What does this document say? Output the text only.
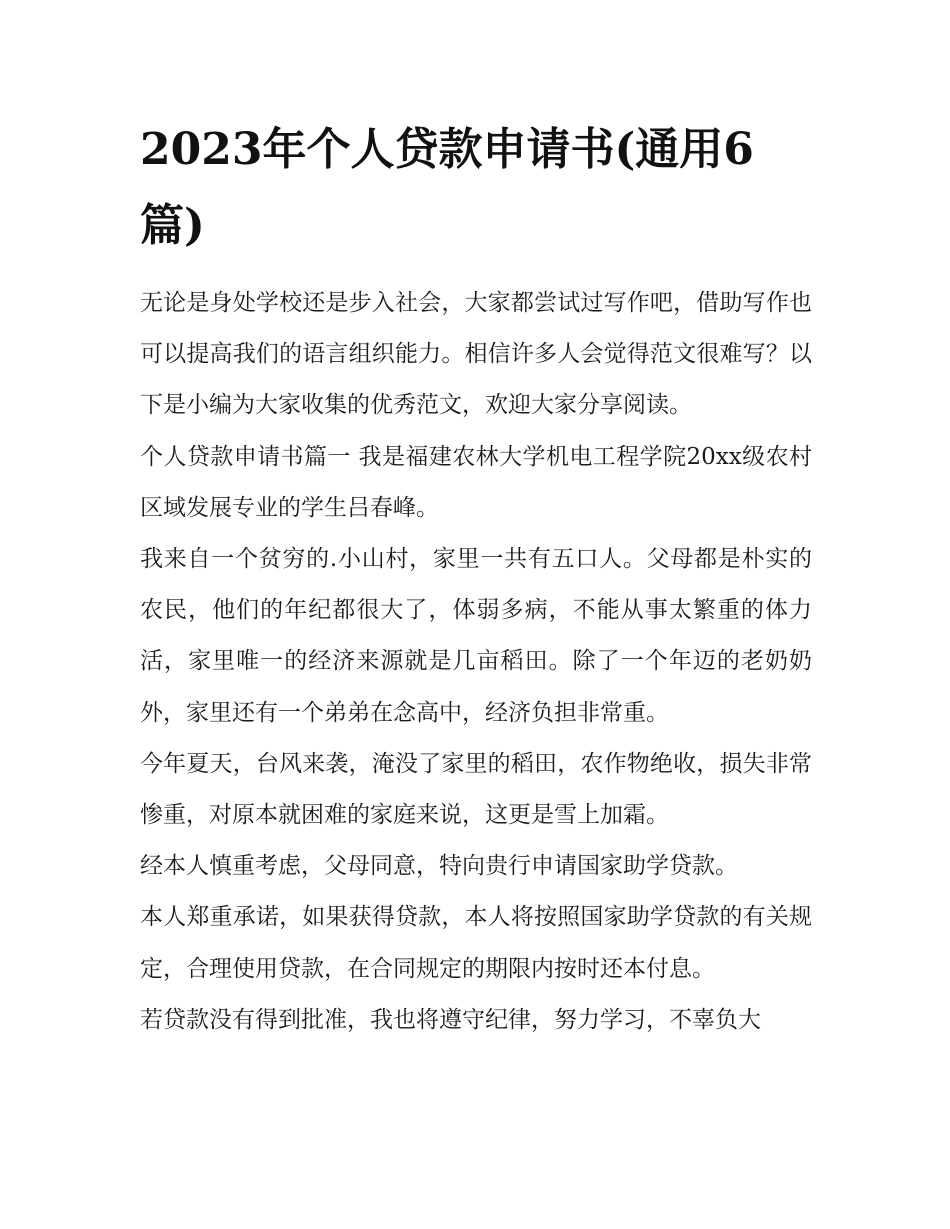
2023年个人贷款申请书(通用6篇)

无论是身处学校还是步入社会，大家都尝试过写作吧，借助写作也可以提高我们的语言组织能力。相信许多人会觉得范文很难写？以下是小编为大家收集的优秀范文，欢迎大家分享阅读。

个人贷款申请书篇一 我是福建农林大学机电工程学院20xx级农村区域发展专业的学生吕春峰。

我来自一个贫穷的.小山村，家里一共有五口人。父母都是朴实的农民，他们的年纪都很大了，体弱多病，不能从事太繁重的体力活，家里唯一的经济来源就是几亩稻田。除了一个年迈的老奶奶外，家里还有一个弟弟在念高中，经济负担非常重。

今年夏天，台风来袭，淹没了家里的稻田，农作物绝收，损失非常惨重，对原本就困难的家庭来说，这更是雪上加霜。

经本人慎重考虑，父母同意，特向贵行申请国家助学贷款。

本人郑重承诺，如果获得贷款，本人将按照国家助学贷款的有关规定，合理使用贷款，在合同规定的期限内按时还本付息。

若贷款没有得到批准，我也将遵守纪律，努力学习，不辜负大
